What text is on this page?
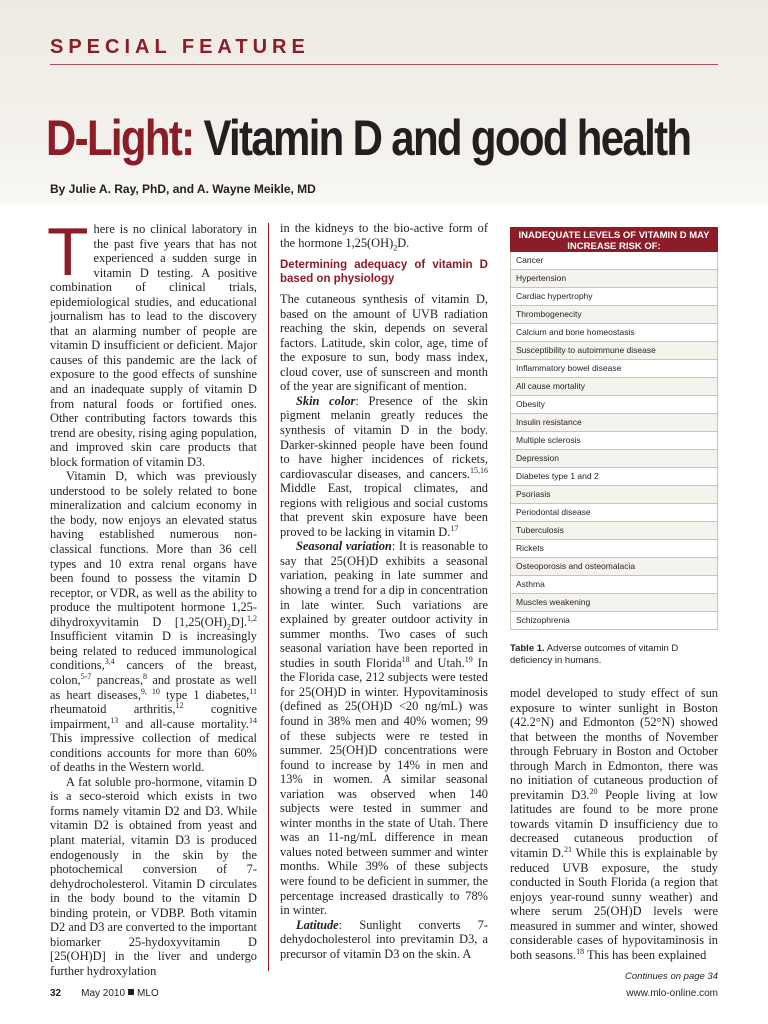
SPECIAL FEATURE
D-Light: Vitamin D and good health

By Julie A. Ray, PhD, and A. Wayne Meikle, MD

There is no clinical laboratory in the past five years that has not experienced a sudden surge in vitamin D testing. A positive combination of clinical trials, epidemiological studies, and educational journalism has to lead to the discovery that an alarming number of people are vitamin D insufficient or deficient. Major causes of this pandemic are the lack of exposure to the good effects of sunshine and an inadequate supply of vitamin D from natural foods or fortified ones. Other contributing factors towards this trend are obesity, rising aging population, and improved skin care products that block formation of vitamin D3.

Vitamin D, which was previously understood to be solely related to bone mineralization and calcium economy in the body, now enjoys an elevated status having established numerous non-classical functions. More than 36 cell types and 10 extra renal organs have been found to possess the vitamin D receptor, or VDR, as well as the ability to produce the multipotent hormone 1,25-dihydroxyvitamin D $[1,25(OH)_2D].^{1,2}$ Insufficient vitamin D is increasingly being related to reduced immunological conditions,$^{3,4}$ cancers of the breast, colon,$^{5-7}$ pancreas,$^8$ and prostate as well as heart diseases,$^{9, 10}$ type 1 diabetes,$^{11}$ rheumatoid arthritis,$^{12}$ cognitive impairment,$^{13}$ and all-cause mortality.$^{14}$ This impressive collection of medical conditions accounts for more than 60% of deaths in the Western world.

A fat soluble pro-hormone, vitamin D is a seco-steroid which exists in two forms namely vitamin D2 and D3. While vitamin D2 is obtained from yeast and plant material, vitamin D3 is produced endogenously in the skin by the photochemical conversion of 7-dehydrocholesterol. Vitamin D circulates in the body bound to the vitamin D binding protein, or VDBP. Both vitamin D2 and D3 are converted to the important biomarker 25-hydoxyvitamin D [25(OH)D] in the liver and undergo further hydroxylation

in the kidneys to the bio-active form of the hormone $1,25(OH)_2D$.

Determining adequacy of vitamin D based on physiology

The cutaneous synthesis of vitamin D, based on the amount of UVB radiation reaching the skin, depends on several factors. Latitude, skin color, age, time of the exposure to sun, body mass index, cloud cover, use of sunscreen and month of the year are significant of mention.

Skin color: Presence of the skin pigment melanin greatly reduces the synthesis of vitamin D in the body. Darker-skinned people have been found to have higher incidences of rickets, cardiovascular diseases, and cancers.$^{15,16}$ Middle East, tropical climates, and regions with religious and social customs that prevent skin exposure have been proved to be lacking in vitamin D.$^{17}$

Seasonal variation: It is reasonable to say that 25(OH)D exhibits a seasonal variation, peaking in late summer and showing a trend for a dip in concentration in late winter. Such variations are explained by greater outdoor activity in summer months. Two cases of such seasonal variation have been reported in studies in south Florida$^{18}$ and Utah.$^{19}$ In the Florida case, 212 subjects were tested for 25(OH)D in winter. Hypovitaminosis (defined as 25(OH)D <20 ng/mL) was found in 38% men and 40% women; 99 of these subjects were re tested in summer. 25(OH)D concentrations were found to increase by 14% in men and 13% in women. A similar seasonal variation was observed when 140 subjects were tested in summer and winter months in the state of Utah. There was an 11-ng/mL difference in mean values noted between summer and winter months. While 39% of these subjects were found to be deficient in summer, the percentage increased drastically to 78% in winter.

Latitude: Sunlight converts 7-dehydocholesterol into previtamin D3, a precursor of vitamin D3 on the skin. A

INADEQUATE LEVELS OF VITAMIN D MAY INCREASE RISK OF:
Cancer
Hypertension
Cardiac hypertrophy
Thrombogenecity
Calcium and bone homeostasis
Susceptibility to autoimmune disease
Inflammatory bowel disease
All cause mortality
Obesity
Insulin resistance
Multiple sclerosis
Depression
Diabetes type 1 and 2
Psoriasis
Periodontal disease
Tuberculosis
Rickets
Osteoporosis and osteomalacia
Asthma
Muscles weakening
Schizophrenia

Table 1. Adverse outcomes of vitamin D deficiency in humans.

model developed to study effect of sun exposure to winter sunlight in Boston (42.2°N) and Edmonton (52°N) showed that between the months of November through February in Boston and October through March in Edmonton, there was no initiation of cutaneous production of previtamin D3.20 People living at low latitudes are found to be more prone towards vitamin D insufficiency due to decreased cutaneous production of vitamin D.$^{21}$ While this is explainable by reduced UVB exposure, the study conducted in South Florida (a region that enjoys year-round sunny weather) and where serum 25(OH)D levels were measured in summer and winter, showed considerable cases of hypovitaminosis in both seasons.$^{18}$ This has been explained

Continues on page 34

32 May 2010 MLO	www.mlo-online.com
